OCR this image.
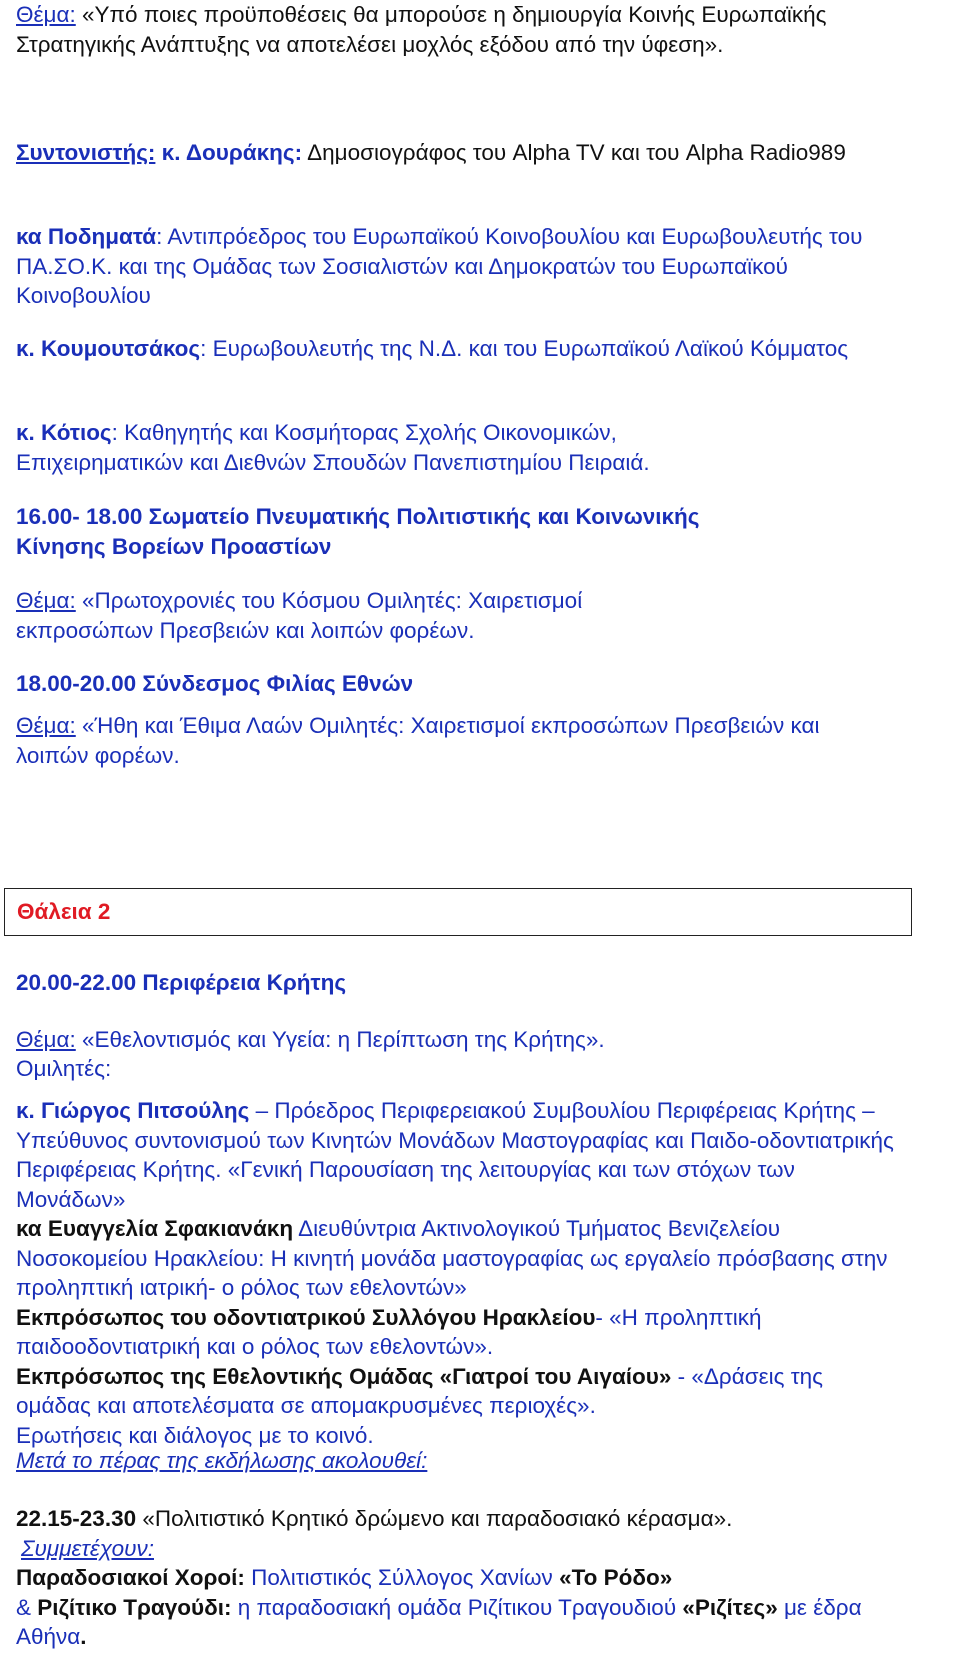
Θέμα: «Υπό ποιες προϋποθέσεις θα μπορούσε η δημιουργία Κοινής Ευρωπαϊκής Στρατηγικής Ανάπτυξης να αποτελέσει μοχλός εξόδου από την ύφεση».
Συντονιστής: κ. Δουράκης: Δημοσιογράφος του Alpha TV και του Alpha Radio989
κα Ποδηματά: Αντιπρόεδρος του Ευρωπαϊκού Κοινοβουλίου και Ευρωβουλευτής του ΠΑ.ΣΟ.Κ. και της Ομάδας των Σοσιαλιστών και Δημοκρατών του Ευρωπαϊκού Κοινοβουλίου
κ. Κουμουτσάκος: Ευρωβουλευτής της Ν.Δ. και του Ευρωπαϊκού Λαϊκού Κόμματος
κ. Κότιος: Καθηγητής και Κοσμήτορας Σχολής Οικονομικών, Επιχειρηματικών και Διεθνών Σπουδών Πανεπιστημίου Πειραιά.
16.00- 18.00 Σωματείο Πνευματικής Πολιτιστικής και Κοινωνικής Κίνησης Βορείων Προαστίων
Θέμα: «Πρωτοχρονιές του Κόσμου Ομιλητές: Χαιρετισμοί εκπροσώπων Πρεσβειών και λοιπών φορέων.
18.00-20.00 Σύνδεσμος Φιλίας Εθνών
Θέμα: «Ήθη και Έθιμα Λαών Ομιλητές: Χαιρετισμοί εκπροσώπων Πρεσβειών και λοιπών φορέων.
Θάλεια 2
20.00-22.00 Περιφέρεια Κρήτης
Θέμα: «Εθελοντισμός και Υγεία: η Περίπτωση της Κρήτης».
Ομιλητές:
κ. Γιώργος Πιτσούλης – Πρόεδρος Περιφερειακού Συμβουλίου Περιφέρειας Κρήτης – Υπεύθυνος συντονισμού των Κινητών Μονάδων Μαστογραφίας και Παιδο-οδοντιατρικής Περιφέρειας Κρήτης. «Γενική Παρουσίαση της λειτουργίας και των στόχων των Μονάδων»
κα Ευαγγελία Σφακιανάκη Διευθύντρια Ακτινολογικού Τμήματος Βενιζελείου Νοσοκομείου Ηρακλείου: Η κινητή μονάδα μαστογραφίας ως εργαλείο πρόσβασης στην προληπτική ιατρική- ο ρόλος των εθελοντών»
Εκπρόσωπος του οδοντιατρικού Συλλόγου Ηρακλείου- «Η προληπτική παιδοοδοντιατρική και ο ρόλος των εθελοντών».
Εκπρόσωπος της Εθελοντικής Ομάδας «Γιατροί του Αιγαίου» - «Δράσεις της ομάδας και αποτελέσματα σε απομακρυσμένες περιοχές».
Ερωτήσεις και διάλογος με το κοινό.
Μετά το πέρας της εκδήλωσης ακολουθεί:
22.15-23.30 «Πολιτιστικό Κρητικό δρώμενο και παραδοσιακό κέρασμα».
Συμμετέχουν:
Παραδοσιακοί Χοροί: Πολιτιστικός Σύλλογος Χανίων «Το Ρόδο»
& Ριζίτικο Τραγούδι: η παραδοσιακή ομάδα Ριζίτικου Τραγουδιού «Ριζίτες» με έδρα Αθήνα.
